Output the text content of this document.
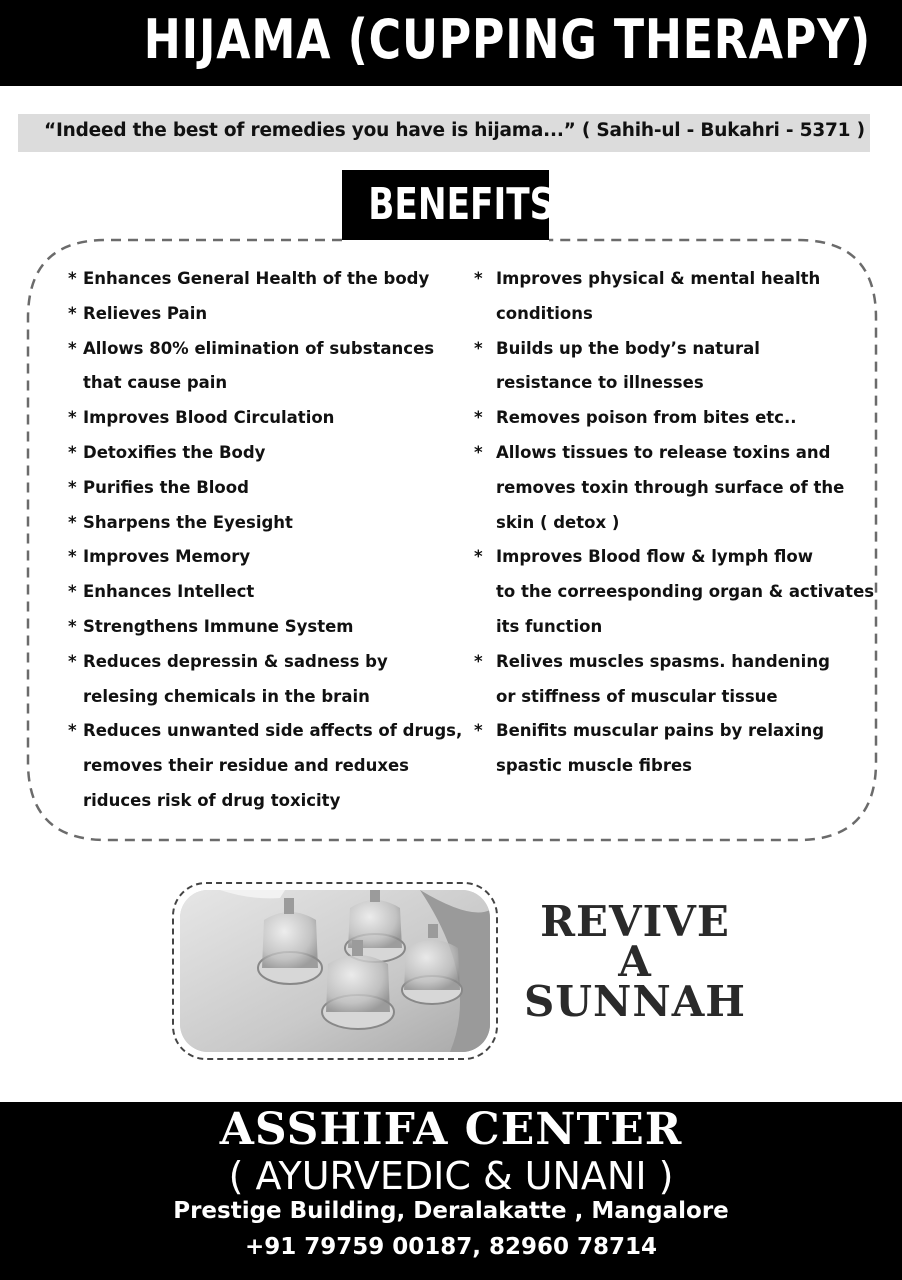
HIJAMA (CUPPING THERAPY)
“Indeed the best of remedies you have is hijama...” ( Sahih-ul - Bukahri - 5371 )
BENEFITS
* Enhances General Health of the body
* Relieves Pain
* Allows 80% elimination of substances
that cause pain
* Improves Blood Circulation
* Detoxifies the Body
* Purifies the Blood
* Sharpens the Eyesight
* Improves Memory
* Enhances Intellect
* Strengthens Immune System
* Reduces depressin & sadness by
relesing chemicals in the brain
* Reduces unwanted side affects of drugs,
removes their residue and reduxes
riduces risk of drug toxicity
* Improves physical & mental health
conditions
* Builds up the body’s natural
resistance to illnesses
* Removes poison from bites etc..
* Allows tissues to release toxins and
removes toxin through surface of the
skin ( detox )
* Improves Blood flow & lymph flow
to the correesponding organ & activates
its function
* Relives muscles spasms. handening
or stiffness of muscular tissue
* Benifits muscular pains by relaxing
spastic muscle fibres
REVIVE
A
SUNNAH
ASSHIFA CENTER
( AYURVEDIC & UNANI )
Prestige Building, Deralakatte , Mangalore
+91 79759 00187, 82960 78714
